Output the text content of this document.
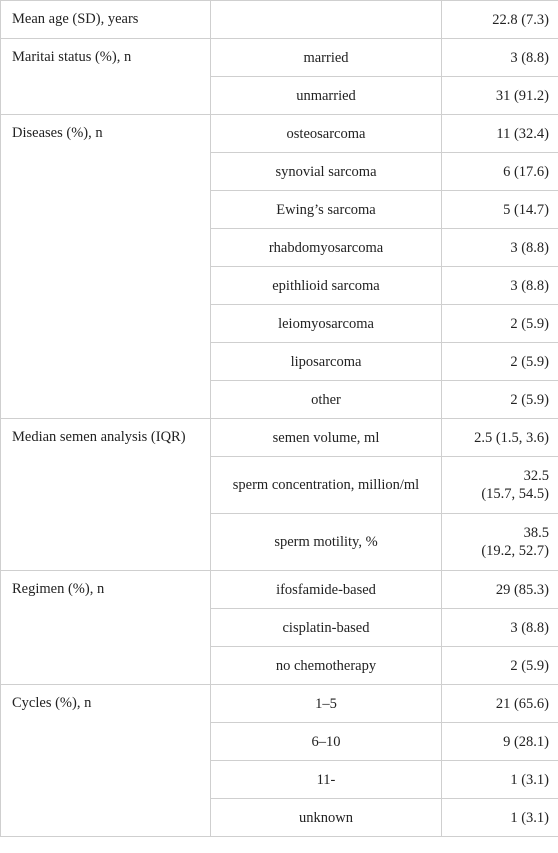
Mean age (SD), years		22.8 (7.3)
Maritai status (%), n	married	3 (8.8)
	unmarried	31 (91.2)
Diseases (%), n	osteosarcoma	11 (32.4)
	synovial sarcoma	6 (17.6)
	Ewing’s sarcoma	5 (14.7)
	rhabdomyosarcoma	3 (8.8)
	epithlioid sarcoma	3 (8.8)
	leiomyosarcoma	2 (5.9)
	liposarcoma	2 (5.9)
	other	2 (5.9)
Median semen analysis (IQR)	semen volume, ml	2.5 (1.5, 3.6)
	sperm concentration, million/ml	32.5
(15.7, 54.5)
	sperm motility, %	38.5
(19.2, 52.7)
Regimen (%), n	ifosfamide-based	29 (85.3)
	cisplatin-based	3 (8.8)
	no chemotherapy	2 (5.9)
Cycles (%), n	1–5	21 (65.6)
	6–10	9 (28.1)
	11-	1 (3.1)
	unknown	1 (3.1)
